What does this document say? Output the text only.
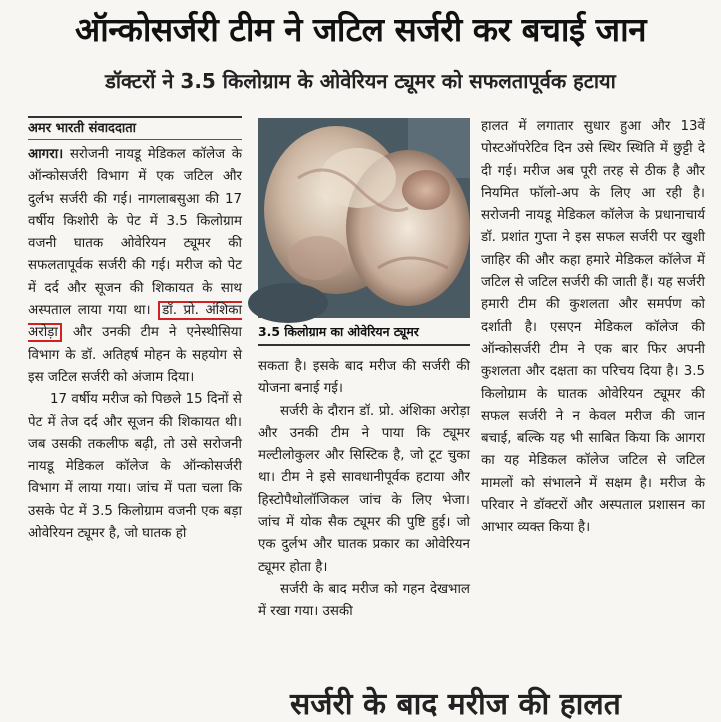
ऑन्कोसर्जरी टीम ने जटिल सर्जरी कर बचाई जान
डॉक्टरों ने 3.5 किलोग्राम के ओवेरियन ट्यूमर को सफलतापूर्वक हटाया
अमर भारती संवाददाता

आगरा। सरोजनी नायडू मेडिकल कॉलेज के ऑन्कोसर्जरी विभाग में एक जटिल और दुर्लभ सर्जरी की गई। नागलाबसुआ की 17 वर्षीय किशोरी के पेट में 3.5 किलोग्राम वजनी घातक ओवेरियन ट्यूमर की सफलतापूर्वक सर्जरी की गई। मरीज को पेट में दर्द और सूजन की शिकायत के साथ अस्पताल लाया गया था। डॉ. प्रो. अंशिका अरोड़ा और उनकी टीम ने एनेस्थीसिया विभाग के डॉ. अतिहर्ष मोहन के सहयोग से इस जटिल सर्जरी को अंजाम दिया।

17 वर्षीय मरीज को पिछले 15 दिनों से पेट में तेज दर्द और सूजन की शिकायत थी। जब उसकी तकलीफ बढ़ी, तो उसे सरोजनी नायडू मेडिकल कॉलेज के ऑन्कोसर्जरी विभाग में लाया गया। जांच में पता चला कि उसके पेट में 3.5 किलोग्राम वजनी एक बड़ा ओवेरियन ट्यूमर है, जो घातक हो

3.5 किलोग्राम का ओवेरियन ट्यूमर

सकता है। इसके बाद मरीज की सर्जरी की योजना बनाई गई।

सर्जरी के दौरान डॉ. प्रो. अंशिका अरोड़ा और उनकी टीम ने पाया कि ट्यूमर मल्टीलोकुलर और सिस्टिक है, जो टूट चुका था। टीम ने इसे सावधानीपूर्वक हटाया और हिस्टोपैथोलॉजिकल जांच के लिए भेजा। जांच में योक सैक ट्यूमर की पुष्टि हुई। जो एक दुर्लभ और घातक प्रकार का ओवेरियन ट्यूमर होता है।

सर्जरी के बाद मरीज को गहन देखभाल में रखा गया। उसकी

हालत में लगातार सुधार हुआ और 13वें पोस्टऑपरेटिव दिन उसे स्थिर स्थिति में छुट्टी दे दी गई। मरीज अब पूरी तरह से ठीक है और नियमित फॉलो-अप के लिए आ रही है। सरोजनी नायडू मेडिकल कॉलेज के प्रधानाचार्य डॉ. प्रशांत गुप्ता ने इस सफल सर्जरी पर खुशी जाहिर की और कहा हमारे मेडिकल कॉलेज में जटिल से जटिल सर्जरी की जाती हैं। यह सर्जरी हमारी टीम की कुशलता और समर्पण को दर्शाती है। एसएन मेडिकल कॉलेज की ऑन्कोसर्जरी टीम ने एक बार फिर अपनी कुशलता और दक्षता का परिचय दिया है। 3.5 किलोग्राम के घातक ओवेरियन ट्यूमर की सफल सर्जरी ने न केवल मरीज की जान बचाई, बल्कि यह भी साबित किया कि आगरा का यह मेडिकल कॉलेज जटिल से जटिल मामलों को संभालने में सक्षम है। मरीज के परिवार ने डॉक्टरों और अस्पताल प्रशासन का आभार व्यक्त किया है।

सर्जरी के बाद मरीज की हालत
